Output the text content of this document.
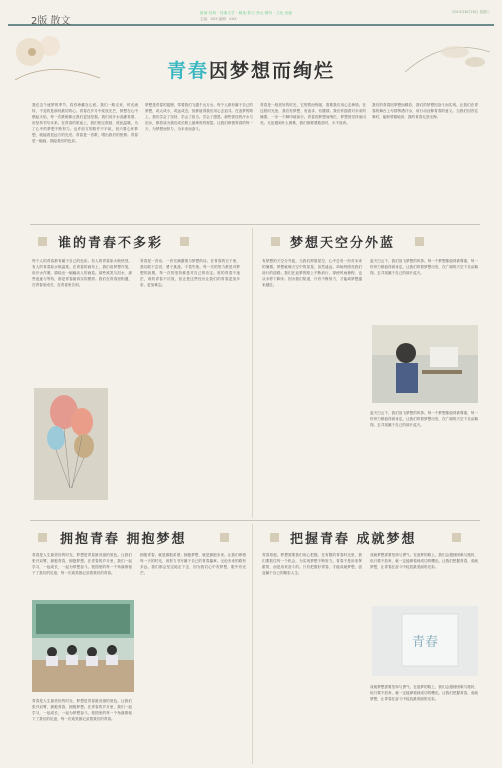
2版 散文
新闻·经典 · 经典文学 · 精选·散文·热点·期刊 · 文化·创意
主编：XXX 编辑：XXX
2014年6月18日 星期三
青春因梦想而绚烂
我在这个逐梦的季节，将你珍藏在心底。我们一路走来，时光流转，不变的是那份最初的心。青春在岁月中绽放光芒，梦想在心中燃起火焰，每一次跌倒都让我们更加坚强。我们用汗水浇灌希望，用坚持书写未来。在青春的旅途上，我们相互鼓励，彼此温暖，为了心中的梦想不断努力。也许前方的路并不平坦，但只要心怀梦想，就能看见远方的光亮。青春是一首歌，唱出我们的热情；青春是一幅画，描绘我们的色彩。
梦想是青春的翅膀，带着我们飞越千山万水。每个人都有属于自己的梦想，或大或小，或远或近，但都值得我们用心去追寻。在追梦的路上，我们学会了坚持，学会了担当，学会了感恩。那些曾经的汗水与泪水，都将成为我们成长路上最珍贵的财富。让我们珍惜青春的每一天，为梦想而努力，为未来而奋斗。
青春是一段美好的时光，它短暂而绚丽，需要我们用心去珍惜。在这段时光里，我们有梦想、有追求、有激情。我们怀揣着对未来的憧憬，一步一个脚印地前行。青春因梦想而绚烂，梦想因坚持而闪亮。无论遇到什么困难，我们都要勇敢面对，永不放弃。
我们的青春因梦想而精彩，我们的梦想因奋斗而实现。让我们在青春的舞台上尽情挥洒汗水，用行动诠释青春的意义。当我们回首往事时，能够骄傲地说：我的青春无怨无悔。
谁的青春不多彩
每个人的青春都有属于自己的色彩。有人的青春如火般热烈，有人的青春如水般温柔。在青春的画布上，我们用梦想作笔，用汗水作墨，描绘出一幅幅动人的画卷。那些欢笑与泪水，那些追逐与等待，都是青春最真实的模样。我们在青春里相遇，在青春里成长，在青春里告别。
青春是一首诗，一首充满激情与梦想的诗。在青春的日子里，我们敢于尝试，勇于挑战，不畏失败。每一次的努力都是对梦想的致敬，每一次的坚持都是对自己的肯定。谁的青春不迷茫，谁的青春不彷徨，但正是这些经历让我们的青春更加多彩，更加难忘。
梦想天空分外蓝
有梦想的天空分外蓝。当我们仰望星空，心中总有一份对未来的憧憬。梦想就像天空中的星星，虽然遥远，却始终照亮我们前行的道路。我们在追梦的路上不断前行，即使风雨兼程，也从未停下脚步。因为我们知道，只有不断努力，才能离梦想越来越近。
蓝天白云下，我们放飞梦想的风筝。每一个梦想都值得被尊重，每一份努力都值得被肯定。让我们带着梦想出发，在广阔的天空下自由翱翔，去寻找属于自己的那片蓝天。
蓝天白云下，我们放飞梦想的风筝。每一个梦想都值得被尊重，每一份努力都值得被肯定。让我们带着梦想出发，在广阔的天空下自由翱翔，去寻找属于自己的那片蓝天。
拥抱青春 拥抱梦想
青春是人生最美好的时光，梦想是青春最亮丽的底色。让我们张开双臂，拥抱青春，拥抱梦想。在青春的岁月里，我们一起学习，一起成长，一起为梦想奋斗。校园里的每一个角落都留下了我们的足迹，每一次欢笑都记录着我们的青春。
拥抱青春，就是拥抱希望；拥抱梦想，就是拥抱未来。让我们珍惜每一天的时光，用努力书写属于自己的青春篇章。无论未来的路有多远，我们都会坚定地走下去，因为我们心中有梦想，眼中有光芒。
青春是人生最美好的时光，梦想是青春最亮丽的底色。让我们张开双臂，拥抱青春，拥抱梦想。在青春的岁月里，我们一起学习，一起成长，一起为梦想奋斗。校园里的每一个角落都留下了我们的足迹，每一次欢笑都记录着我们的青春。
把握青春 成就梦想
青春易逝，梦想需要我们用心把握。在有限的青春时光里，我们要抓住每一个机会，为实现梦想不断努力。青春不是用来挥霍的，而是用来奋斗的。只有把握好青春，才能成就梦想，创造属于自己的精彩人生。
成就梦想需要坚持与勇气。在追梦的路上，我们会遇到困难与挫折，但只要不放弃，就一定能够看到成功的曙光。让我们把握青春，成就梦想，让青春在奋斗中绽放最美丽的光彩。
青春
成就梦想需要坚持与勇气。在追梦的路上，我们会遇到困难与挫折，但只要不放弃，就一定能够看到成功的曙光。让我们把握青春，成就梦想，让青春在奋斗中绽放最美丽的光彩。
